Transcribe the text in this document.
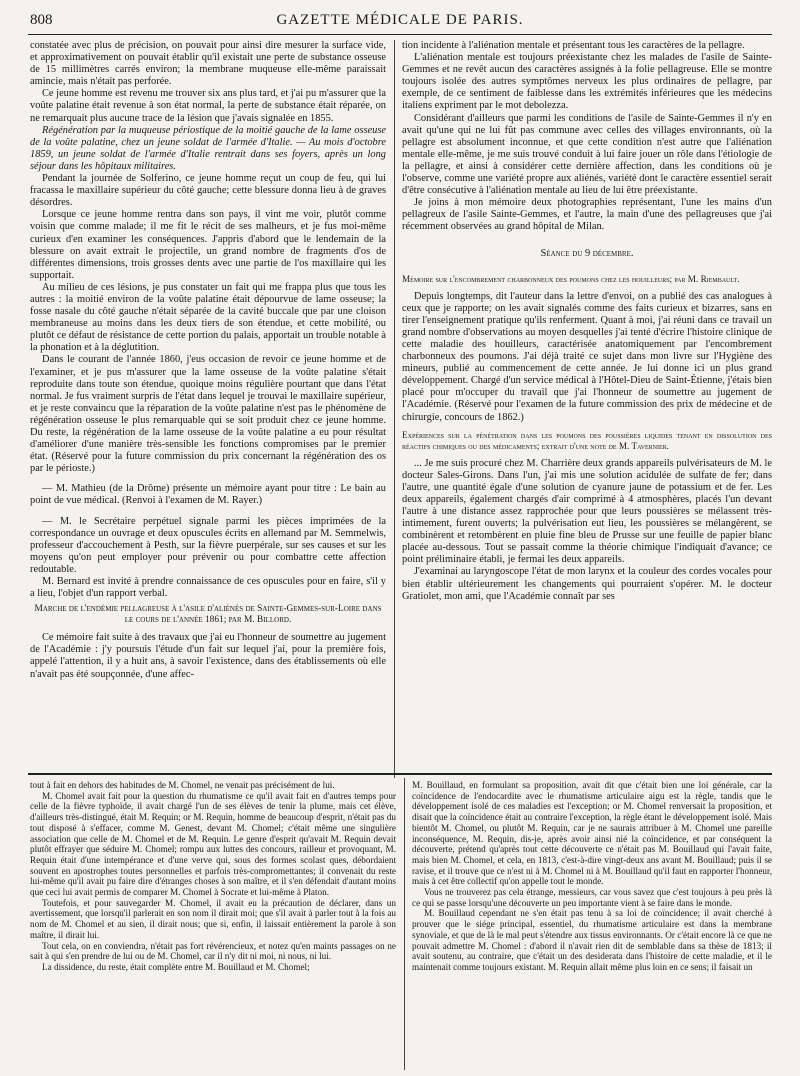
808	GAZETTE MÉDICALE DE PARIS.

constatée avec plus de précision, on pouvait pour ainsi dire mesurer la surface vide, et approximativement on pouvait établir qu'il existait une perte de substance osseuse de 15 millimètres carrés environ; la membrane muqueuse elle-même paraissait amincie, mais n'était pas perforée.

Ce jeune homme est revenu me trouver six ans plus tard, et j'ai pu m'assurer que la voûte palatine était revenue à son état normal, la perte de substance était réparée, on ne remarquait plus aucune trace de la lésion que j'avais signalée en 1855.

Régénération par la muqueuse périostique de la moitié gauche de la lame osseuse de la voûte palatine, chez un jeune soldat de l'armée d'Italie. — Au mois d'octobre 1859, un jeune soldat de l'armée d'Italie rentrait dans ses foyers, après un long séjour dans les hôpitaux militaires.

Pendant la journée de Solferino, ce jeune homme reçut un coup de feu, qui lui fracassa le maxillaire supérieur du côté gauche; cette blessure donna lieu à de graves désordres.

Lorsque ce jeune homme rentra dans son pays, il vint me voir, plutôt comme voisin que comme malade; il me fit le récit de ses malheurs, et je fus moi-même curieux d'en examiner les conséquences. J'appris d'abord que le lendemain de la blessure on avait extrait le projectile, un grand nombre de fragments d'os de différentes dimensions, trois grosses dents avec une partie de l'os maxillaire qui les supportait.

Au milieu de ces lésions, je pus constater un fait qui me frappa plus que tous les autres : la moitié environ de la voûte palatine était dépourvue de lame osseuse; la fosse nasale du côté gauche n'était séparée de la cavité buccale que par une cloison membraneuse au moins dans les deux tiers de son étendue, et cette mobilité, ou plutôt ce défaut de résistance de cette portion du palais, apportait un trouble notable à la phonation et à la déglutition.

Dans le courant de l'année 1860, j'eus occasion de revoir ce jeune homme et de l'examiner, et je pus m'assurer que la lame osseuse de la voûte palatine s'était reproduite dans toute son étendue, quoique moins régulière pourtant que dans l'état normal. Je fus vraiment surpris de l'état dans lequel je trouvai le maxillaire supérieur, et je reste convaincu que la réparation de la voûte palatine n'est pas le phénomène de régénération osseuse le plus remarquable qui se soit produit chez ce jeune homme. Du reste, la régénération de la lame osseuse de la voûte palatine a eu pour résultat d'améliorer d'une manière très-sensible les fonctions compromises par le premier état. (Réservé pour la future commission du prix concernant la régénération des os par le périoste.)

— M. Mathieu (de la Drôme) présente un mémoire ayant pour titre : Le bain au point de vue médical. (Renvoi à l'examen de M. Rayer.)

— M. le Secrétaire perpétuel signale parmi les pièces imprimées de la correspondance un ouvrage et deux opuscules écrits en allemand par M. Semmelwis, professeur d'accouchement à Pesth, sur la fièvre puerpérale, sur ses causes et sur les moyens qu'on peut employer pour prévenir ou pour combattre cette affection redoutable.

M. Bernard est invité à prendre connaissance de ces opuscules pour en faire, s'il y a lieu, l'objet d'un rapport verbal.

Marche de l'endémie pellagreuse à l'asile d'aliénés de Sainte-Gemmes-sur-Loire dans le cours de l'année 1861; par M. Billord.

Ce mémoire fait suite à des travaux que j'ai eu l'honneur de soumettre au jugement de l'Académie : j'y poursuis l'étude d'un fait sur lequel j'ai, pour la première fois, appelé l'attention, il y a huit ans, à savoir l'existence, dans des établissements où elle n'avait pas été soupçonnée, d'une affec-

tion incidente à l'aliénation mentale et présentant tous les caractères de la pellagre.

L'aliénation mentale est toujours préexistante chez les malades de l'asile de Sainte-Gemmes et ne revêt aucun des caractères assignés à la folie pellagreuse. Elle se montre toujours isolée des autres symptômes nerveux les plus ordinaires de pellagre, par exemple, de ce sentiment de faiblesse dans les extrémités inférieures que les médecins italiens expriment par le mot debolezza.

Considérant d'ailleurs que parmi les conditions de l'asile de Sainte-Gemmes il n'y en avait qu'une qui ne lui fût pas commune avec celles des villages environnants, où la pellagre est absolument inconnue, et que cette condition n'est autre que l'aliénation mentale elle-même, je me suis trouvé conduit à lui faire jouer un rôle dans l'étiologie de la pellagre, et ainsi à considérer cette dernière affection, dans les conditions où je l'observe, comme une variété propre aux aliénés, variété dont le caractère essentiel serait d'être consécutive à l'aliénation mentale au lieu de lui être préexistante.

Je joins à mon mémoire deux photographies représentant, l'une les mains d'un pellagreux de l'asile Sainte-Gemmes, et l'autre, la main d'une des pellagreuses que j'ai récemment observées au grand hôpital de Milan.

Séance du 9 décembre.

Mémoire sur l'encombrement charbonneux des poumons chez les houilleurs; par M. Riembault.

Depuis longtemps, dit l'auteur dans la lettre d'envoi, on a publié des cas analogues à ceux que je rapporte; on les avait signalés comme des faits curieux et bizarres, sans en tirer l'enseignement pratique qu'ils renferment. Quant à moi, j'ai réuni dans ce travail un grand nombre d'observations au moyen desquelles j'ai tenté d'écrire l'histoire clinique de cette maladie des houilleurs, caractérisée anatomiquement par l'encombrement charbonneux des poumons. J'ai déjà traité ce sujet dans mon livre sur l'Hygiène des mineurs, publié au commencement de cette année. Je lui donne ici un plus grand développement. Chargé d'un service médical à l'Hôtel-Dieu de Saint-Étienne, j'étais bien placé pour m'occuper du travail que j'ai l'honneur de soumettre au jugement de l'Académie. (Réservé pour l'examen de la future commission des prix de médecine et de chirurgie, concours de 1862.)

Expériences sur la pénétration dans les poumons des poussières liquides tenant en dissolution des réactifs chimiques ou des médicaments; extrait d'une note de M. Tavernier.

... Je me suis procuré chez M. Charrière deux grands appareils pulvérisateurs de M. le docteur Sales-Girons. Dans l'un, j'ai mis une solution acidulée de sulfate de fer; dans l'autre, une quantité égale d'une solution de cyanure jaune de potassium et de fer. Les deux appareils, également chargés d'air comprimé à 4 atmosphères, placés l'un devant l'autre à une distance assez rapprochée pour que leurs poussières se mélassent très-intimement, furent ouverts; la pulvérisation eut lieu, les poussières se mélangèrent, se combinèrent et retombèrent en pluie fine bleu de Prusse sur une feuille de papier blanc placée au-dessous. Tout se passait comme la théorie chimique l'indiquait d'avance; ce point préliminaire établi, je fermai les deux appareils.

J'examinai au laryngoscope l'état de mon larynx et la couleur des cordes vocales pour bien établir ultérieurement les changements qui pourraient s'opérer. M. le docteur Gratiolet, mon ami, que l'Académie connaît par ses

tout à fait en dehors des habitudes de M. Chomel, ne venait pas précisément de lui.

M. Chomel avait fait pour la question du rhumatisme ce qu'il avait fait en d'autres temps pour celle de la fièvre typhoïde, il avait chargé l'un de ses élèves de tenir la plume, mais cet élève, d'ailleurs très-distingué, était M. Requin; or M. Requin, homme de beaucoup d'esprit, n'était pas du tout disposé à s'effacer, comme M. Genest, devant M. Chomel; c'était même une singulière association que celle de M. Chomel et de M. Requin. Le genre d'esprit qu'avait M. Requin devait plutôt effrayer que séduire M. Chomel; rompu aux luttes des concours, railleur et provoquant, M. Requin était d'une intempérance et d'une verve qui, sous des formes scolast ques, débordaient souvent en apostrophes toutes personnelles et parfois très-compromettantes; il convenait du reste lui-même qu'il avait pu faire dire d'étranges choses à son maître, et il s'en défendait d'autant moins que ceci lui avait permis de comparer M. Chomel à Socrate et lui-même à Platon.

Toutefois, et pour sauvegarder M. Chomel, il avait eu la précaution de déclarer, dans un avertissement, que lorsqu'il parlerait en son nom il dirait moi; que s'il avait à parler tout à la fois au nom de M. Chomel et au sien, il dirait nous; que si, enfin, il laissait entièrement la parole à son maître, il dirait lui.

Tout cela, on en conviendra, n'était pas fort révérencieux, et notez qu'en maints passages on ne sait à qui s'en prendre de lui ou de M. Chomel, car il n'y dit ni moi, ni nous, ni lui.

La dissidence, du reste, était complète entre M. Bouillaud et M. Chomel;

M. Bouillaud, en formulant sa proposition, avait dit que c'était bien une loi générale, car la coïncidence de l'endocardite avec le rhumatisme articulaire aigu est la règle, tandis que le développement isolé de ces maladies est l'exception; or M. Chomel renversait la proposition, et disait que la coïncidence était au contraire l'exception, la règle étant le développement isolé. Mais bientôt M. Chomel, ou plutôt M. Requin, car je ne saurais attribuer à M. Chomel une pareille inconséquence, M. Requin, dis-je, après avoir ainsi nié la coïncidence, et par conséquent la découverte, prétend qu'après tout cette découverte ce n'était pas M. Bouillaud qui l'avait faite, mais bien M. Chomel, et cela, en 1813, c'est-à-dire vingt-deux ans avant M. Bouillaud; puis il se ravise, et il trouve que ce n'est ni à M. Chomel ni à M. Bouillaud qu'il faut en rapporter l'honneur, mais à cet être collectif qu'on appelle tout le monde.

Vous ne trouverez pas cela étrange, messieurs, car vous savez que c'est toujours à peu près là ce qui se passe lorsqu'une découverte un peu importante vient à se faire dans le monde.

M. Bouillaud cependant ne s'en était pas tenu à sa loi de coïncidence; il avait cherché à prouver que le siége principal, essentiel, du rhumatisme articulaire est dans la membrane synoviale, et que de là le mal peut s'étendre aux tissus environnants. Or c'était encore là ce que ne pouvait admettre M. Chomel : d'abord il n'avait rien dit de semblable dans sa thèse de 1813; il avait soutenu, au contraire, que c'était un des desiderata dans l'histoire de cette maladie, et il le maintenait comme toujours existant. M. Requin allait même plus loin en ce sens; il faisait un
